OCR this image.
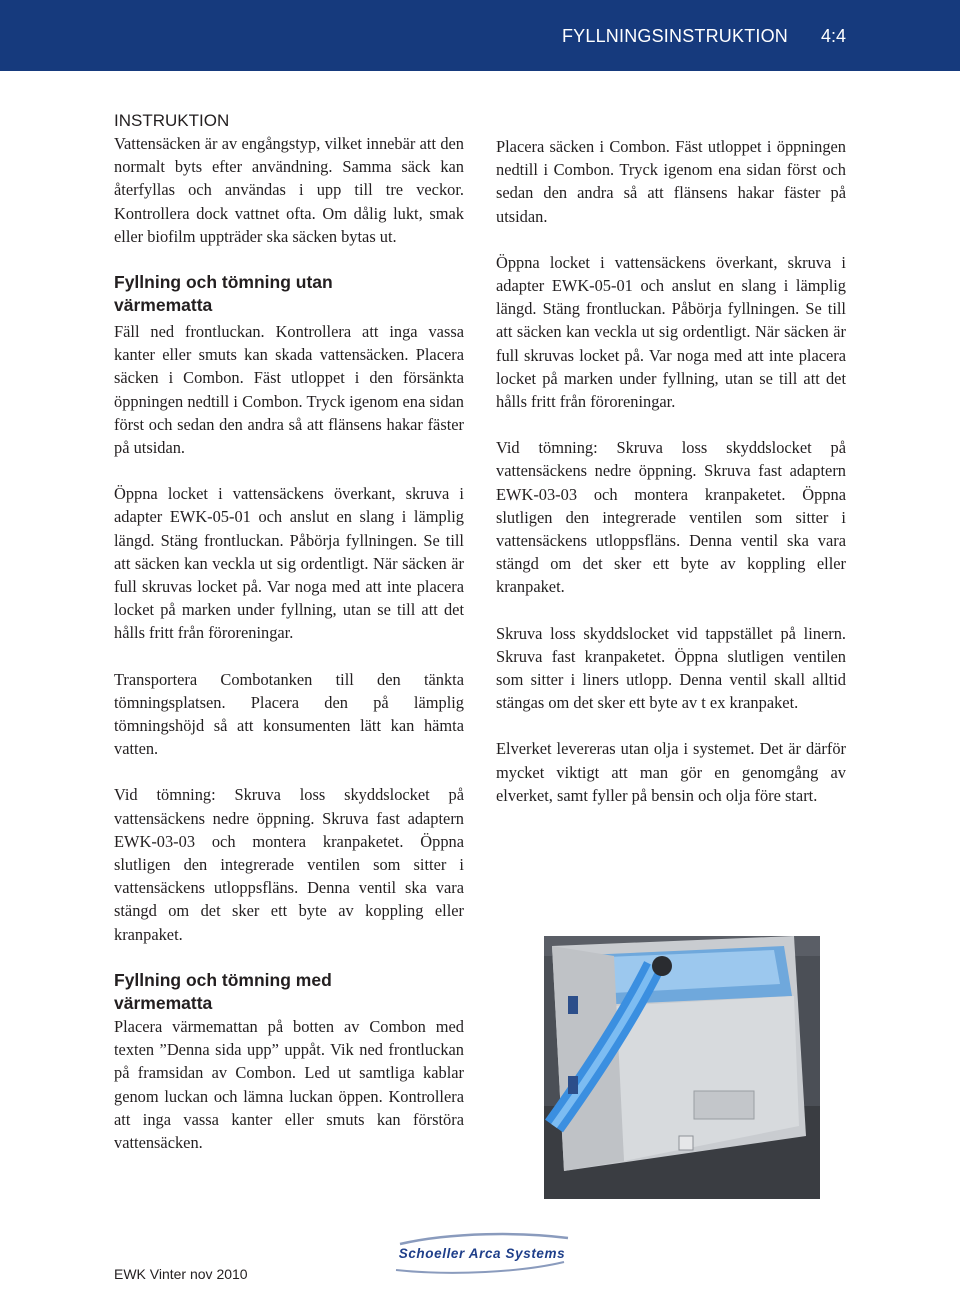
FYLLNINGSINSTRUKTION 4:4
INSTRUKTION

Vattensäcken är av engångstyp, vilket innebär att den normalt byts efter användning. Samma säck kan återfyllas och användas i upp till tre veckor. Kontrollera dock vattnet ofta. Om dålig lukt, smak eller biofilm uppträder ska säcken bytas ut.

Fyllning och tömning utan värmematta

Fäll ned frontluckan. Kontrollera att inga vassa kanter eller smuts kan skada vattensäcken. Placera säcken i Combon. Fäst utloppet i den försänkta öppningen nedtill i Combon. Tryck igenom ena sidan först och sedan den andra så att flänsens hakar fäster på utsidan.

Öppna locket i vattensäckens överkant, skruva i adapter EWK-05-01 och anslut en slang i lämplig längd. Stäng frontluckan. Påbörja fyllningen. Se till att säcken kan veckla ut sig ordentligt. När säcken är full skruvas locket på. Var noga med att inte placera locket på marken under fyllning, utan se till att det hålls fritt från föroreningar.

Transportera Combotanken till den tänkta tömningsplatsen. Placera den på lämplig tömningshöjd så att konsumenten lätt kan hämta vatten.

Vid tömning: Skruva loss skyddslocket på vattensäckens nedre öppning. Skruva fast adaptern EWK-03-03 och montera kranpaketet. Öppna slutligen den integrerade ventilen som sitter i vattensäckens utloppsfläns. Denna ventil ska vara stängd om det sker ett byte av koppling eller kranpaket.

Fyllning och tömning med värmematta

Placera värmemattan på botten av Combon med texten ”Denna sida upp” uppåt. Vik ned frontluckan på framsidan av Combon. Led ut samtliga kablar genom luckan och lämna luckan öppen. Kontrollera att inga vassa kanter eller smuts kan förstöra vattensäcken.

Placera säcken i Combon. Fäst utloppet i öppningen nedtill i Combon. Tryck igenom ena sidan först och sedan den andra så att flänsens hakar fäster på utsidan.

Öppna locket i vattensäckens överkant, skruva i adapter EWK-05-01 och anslut en slang i lämplig längd. Stäng frontluckan. Påbörja fyllningen. Se till att säcken kan veckla ut sig ordentligt. När säcken är full skruvas locket på. Var noga med att inte placera locket på marken under fyllning, utan se till att det hålls fritt från föroreningar.

Vid tömning: Skruva loss skyddslocket på vattensäckens nedre öppning. Skruva fast adaptern EWK-03-03 och montera kranpaketet. Öppna slutligen den integrerade ventilen som sitter i vattensäckens utloppsfläns. Denna ventil ska vara stängd om det sker ett byte av koppling eller kranpaket.

Skruva loss skyddslocket vid tappstället på linern. Skruva fast kranpaketet. Öppna slutligen ventilen som sitter i liners utlopp. Denna ventil skall alltid stängas om det sker ett byte av t ex kranpaket.

Elverket levereras utan olja i systemet. Det är därför mycket viktigt att man gör en genomgång av elverket, samt fyller på bensin och olja före start.

EWK Vinter nov 2010
Schoeller Arca Systems
